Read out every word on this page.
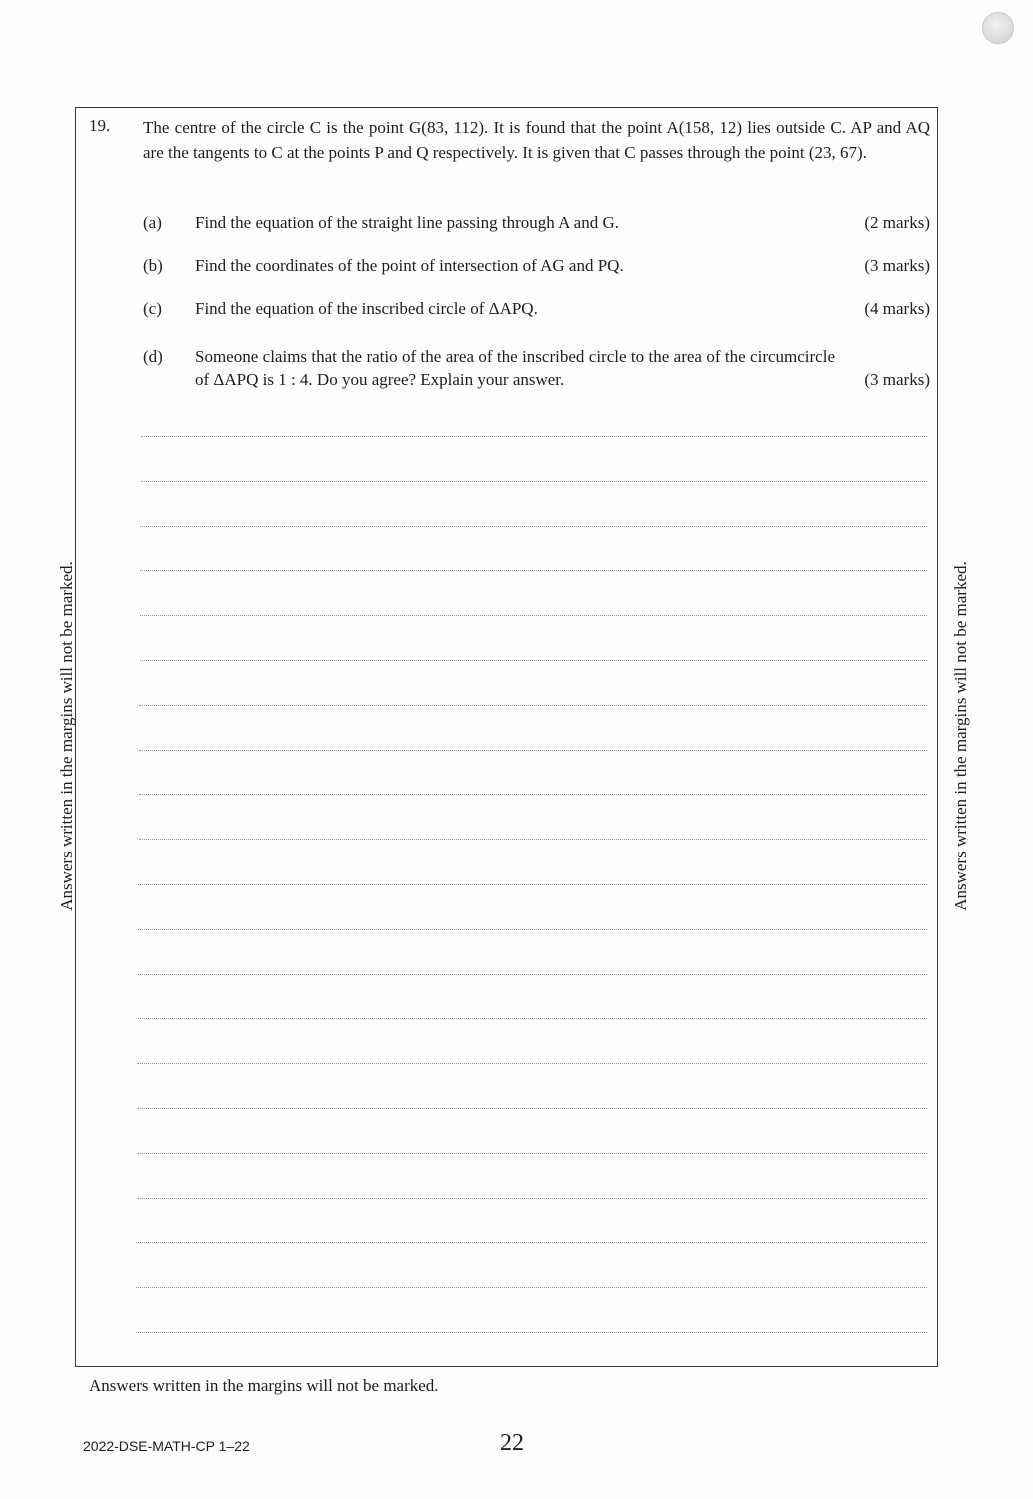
19. The centre of the circle C is the point G(83, 112). It is found that the point A(158, 12) lies outside C. AP and AQ are the tangents to C at the points P and Q respectively. It is given that C passes through the point (23, 67).
(a) Find the equation of the straight line passing through A and G.	(2 marks)
(b) Find the coordinates of the point of intersection of AG and PQ.	(3 marks)
(c) Find the equation of the inscribed circle of ΔAPQ.	(4 marks)
(d) Someone claims that the ratio of the area of the inscribed circle to the area of the circumcircle of ΔAPQ is 1 : 4. Do you agree? Explain your answer.	(3 marks)
Answers written in the margins will not be marked.	Answers written in the margins will not be marked.
Answers written in the margins will not be marked.
2022-DSE-MATH-CP 1–22	22
